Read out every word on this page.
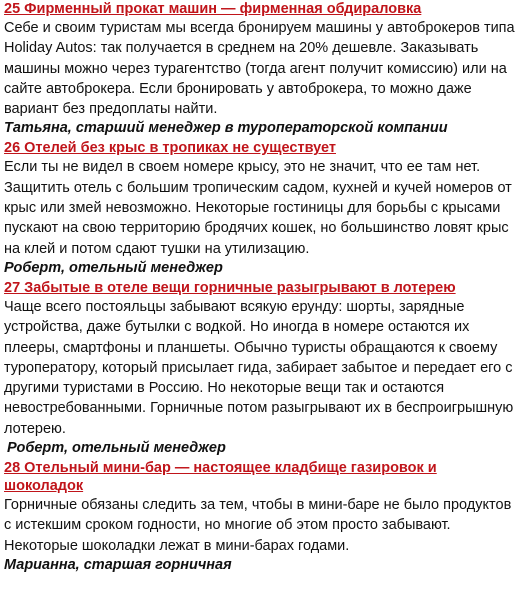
25 Фирменный прокат машин — фирменная обдираловка

Себе и своим туристам мы всегда бронируем машины у автоброкеров типа Holiday Autos: так получается в среднем на 20% дешевле. Заказывать машины можно через турагентство (тогда агент получит комиссию) или на сайте автоброкера. Если бронировать у автоброкера, то можно даже вариант без предоплаты найти.

Татьяна, старший менеджер в туроператорской компании

26 Отелей без крыс в тропиках не существует

Если ты не видел в своем номере крысу, это не значит, что ее там нет. Защитить отель с большим тропическим садом, кухней и кучей номеров от крыс или змей невозможно. Некоторые гостиницы для борьбы с крысами пускают на свою территорию бродячих кошек, но большинство ловят крыс на клей и потом сдают тушки на утилизацию.

Роберт, отельный менеджер

27 Забытые в отеле вещи горничные разыгрывают в лотерею

Чаще всего постояльцы забывают всякую ерунду: шорты, зарядные устройства, даже бутылки с водкой. Но иногда в номере остаются их плееры, смартфоны и планшеты. Обычно туристы обращаются к своему туроператору, который присылает гида, забирает забытое и передает его с другими туристами в Россию. Но некоторые вещи так и остаются невостребованными. Горничные потом разыгрывают их в беспроигрышную лотерею.

Роберт, отельный менеджер

28 Отельный мини-бар — настоящее кладбище газировок и шоколадок

Горничные обязаны следить за тем, чтобы в мини-баре не было продуктов с истекшим сроком годности, но многие об этом просто забывают. Некоторые шоколадки лежат в мини-барах годами.

Марианна, старшая горничная
